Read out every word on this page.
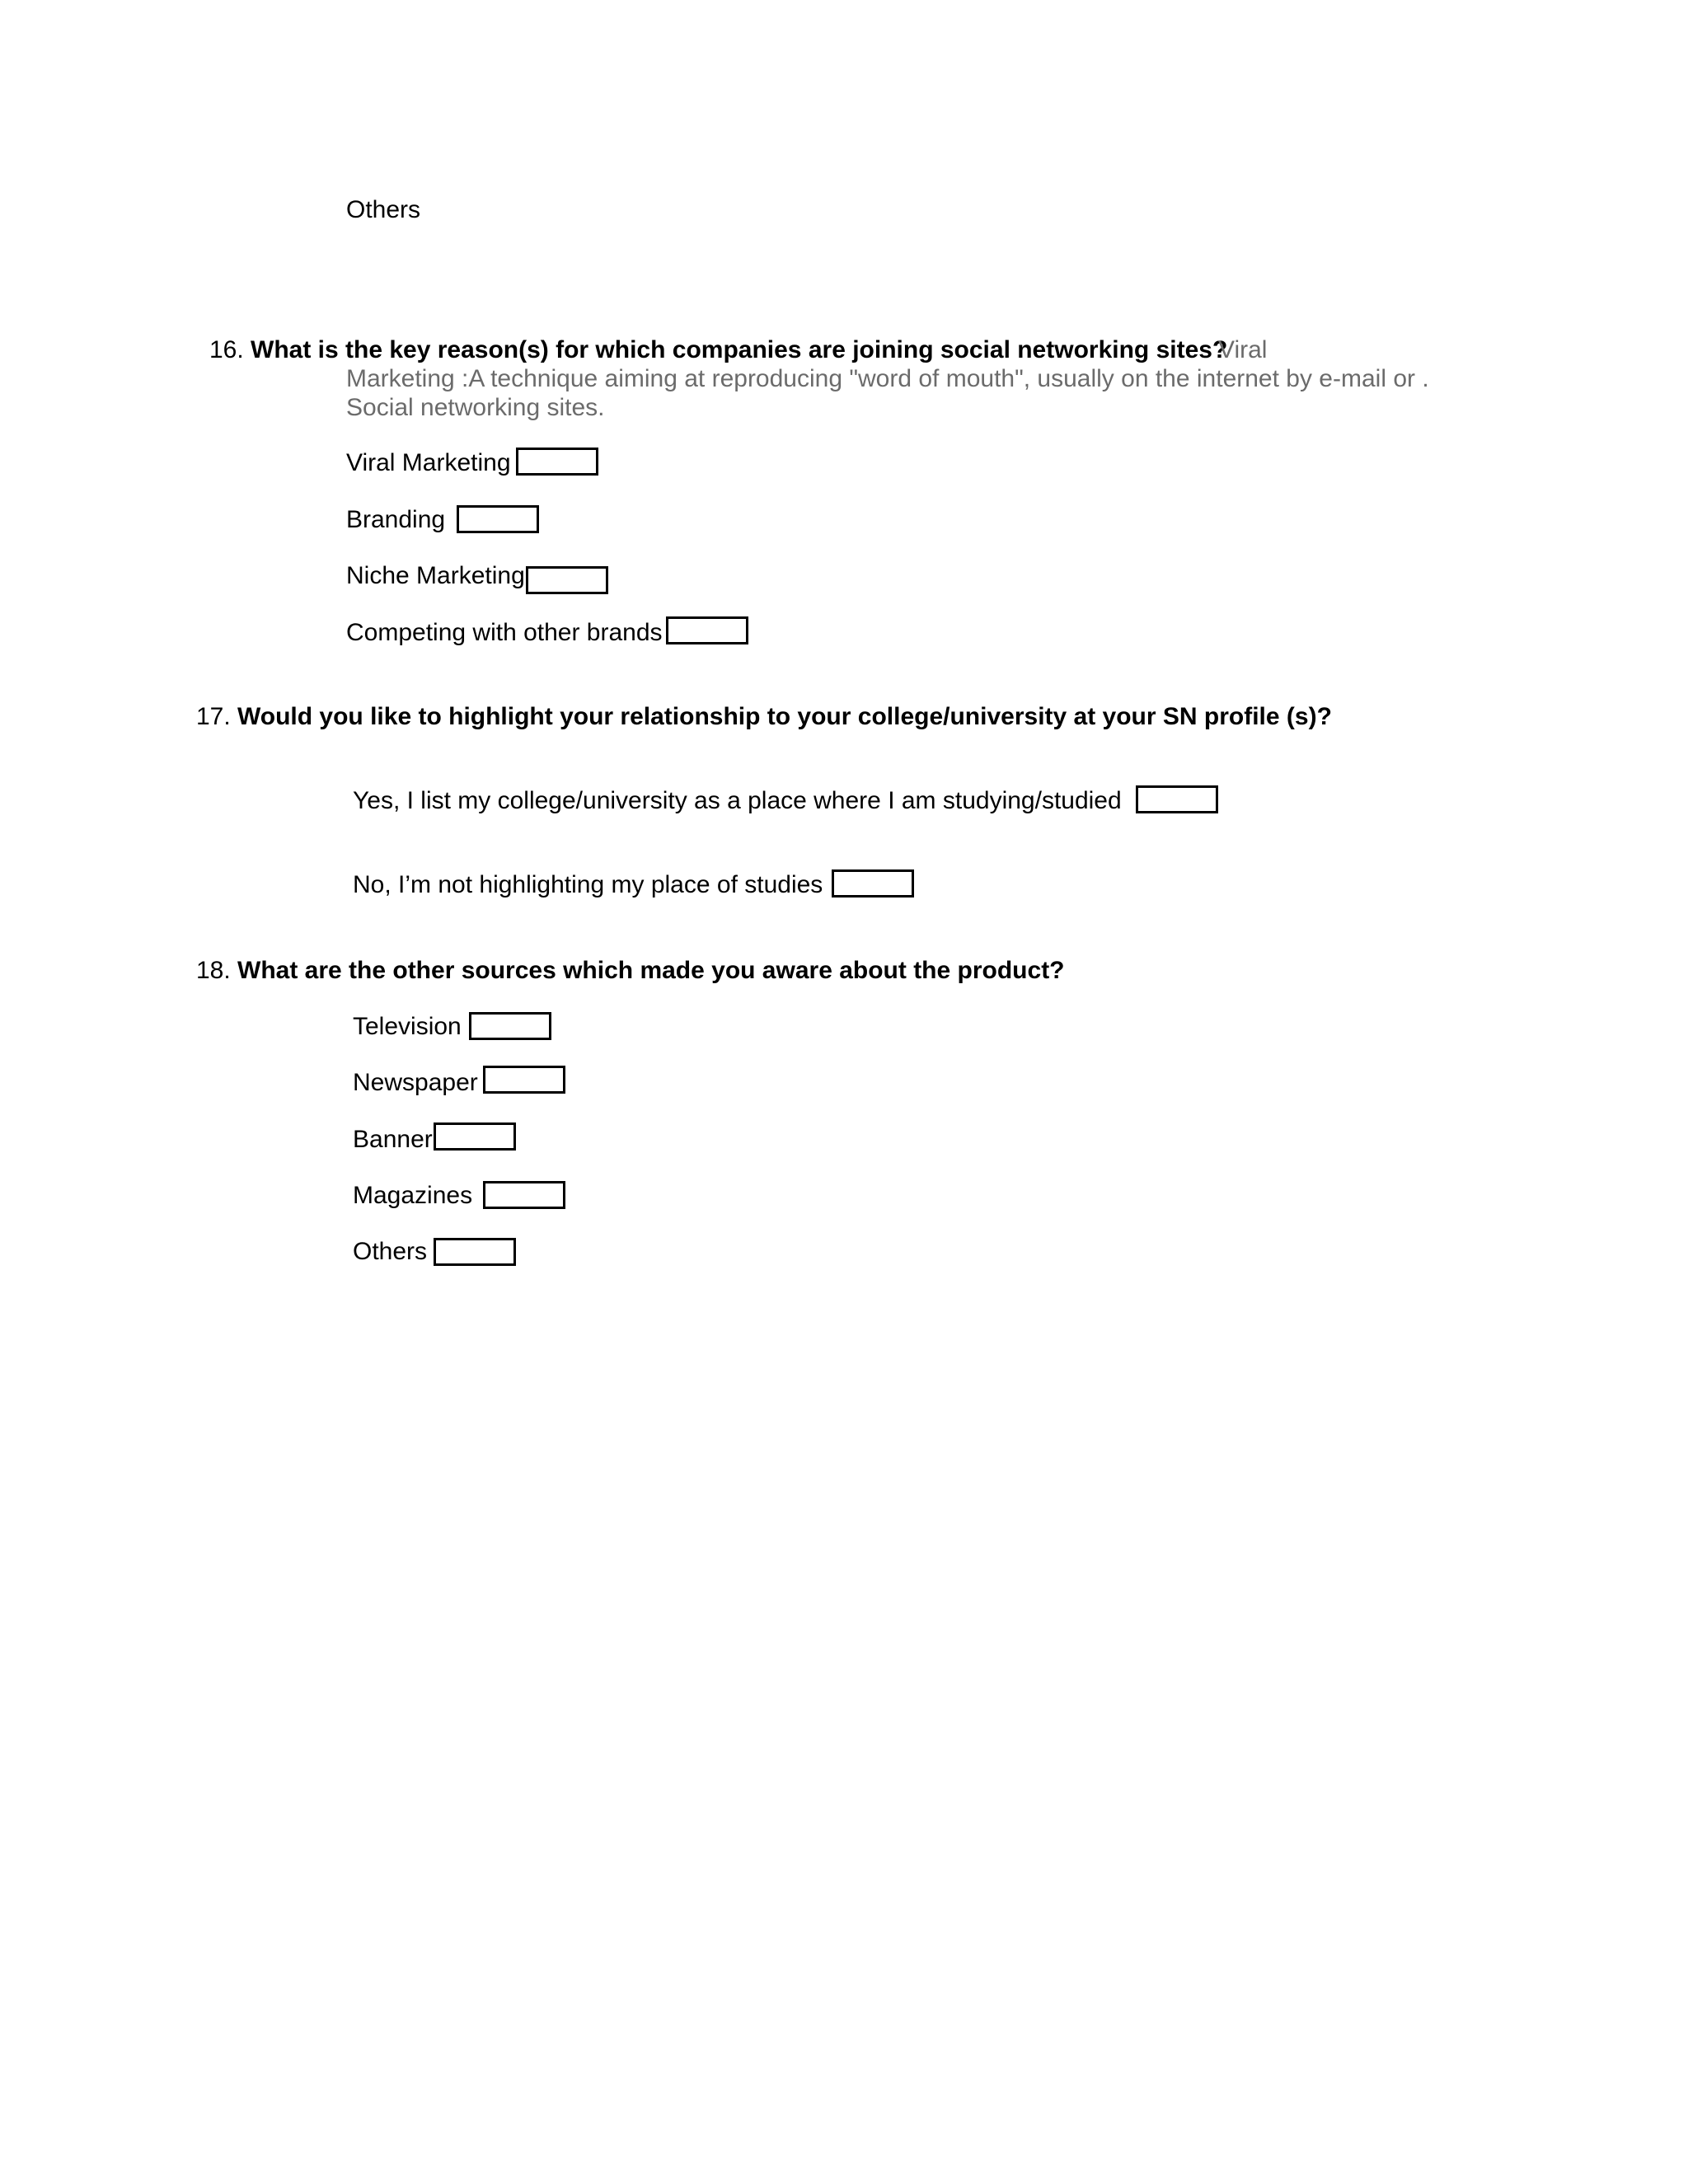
Others
16. What is the key reason(s) for which companies are joining social networking sites?
Viral
Marketing :A technique aiming at reproducing "word of mouth", usually on the internet by e-mail or .
Social networking sites.
Viral Marketing
Branding
Niche Marketing
Competing with other brands
17. Would you like to highlight your relationship to your college/university at your SN profile (s)?
Yes, I list my college/university as a place where I am studying/studied
No, I’m not highlighting my place of studies
18. What are the other sources which made you aware about the product?
Television
Newspaper
Banner
Magazines
Others
